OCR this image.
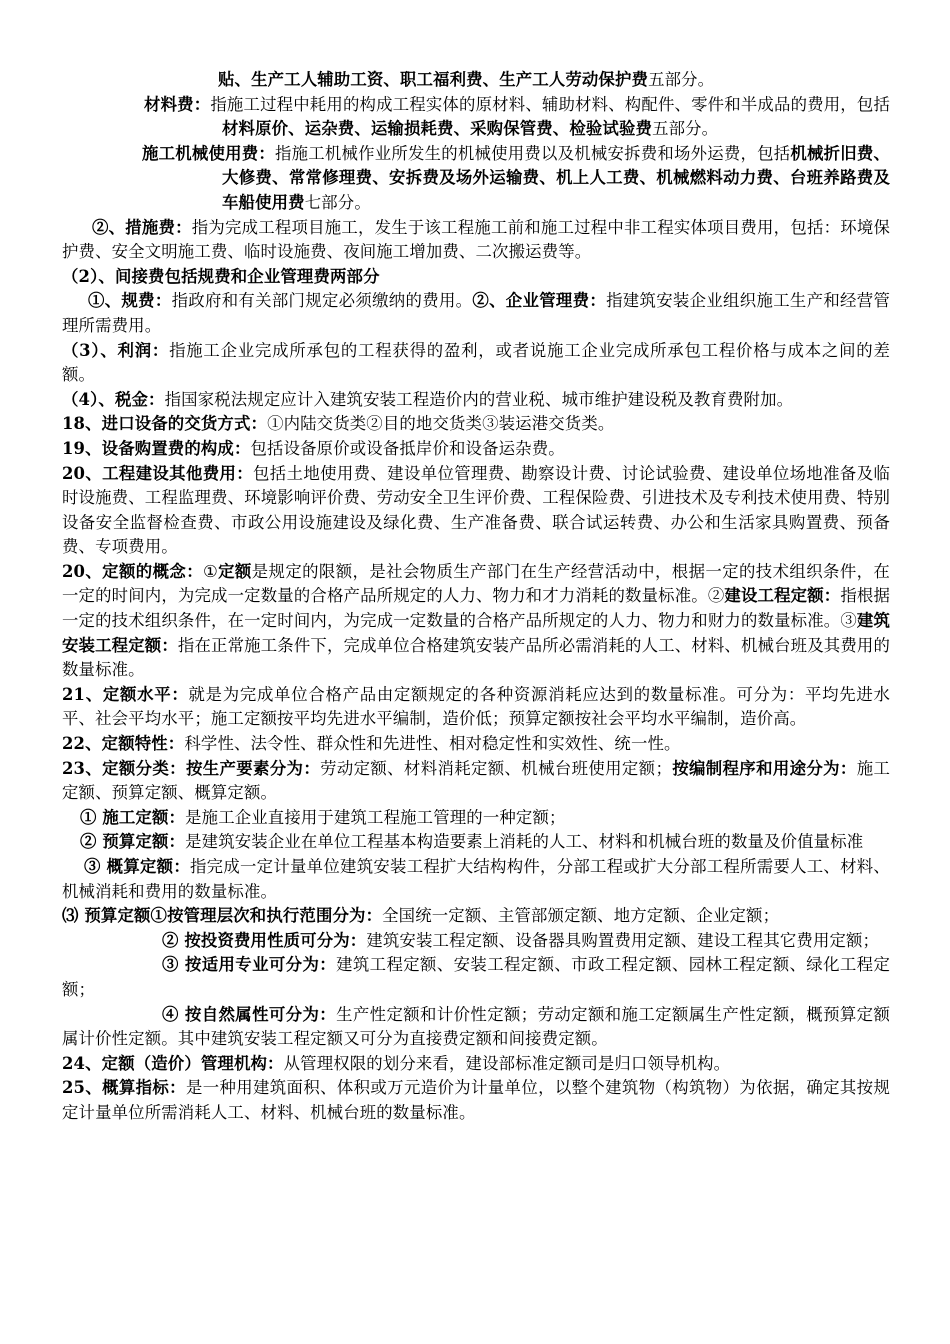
贴、生产工人辅助工资、职工福利费、生产工人劳动保护费五部分。

材料费：指施工过程中耗用的构成工程实体的原材料、辅助材料、构配件、零件和半成品的费用，包括材料原价、运杂费、运输损耗费、采购保管费、检验试验费五部分。

施工机械使用费：指施工机械作业所发生的机械使用费以及机械安拆费和场外运费，包括机械折旧费、大修费、常常修理费、安拆费及场外运输费、机上人工费、机械燃料动力费、台班养路费及车船使用费七部分。

②、措施费：指为完成工程项目施工，发生于该工程施工前和施工过程中非工程实体项目费用，包括：环境保护费、安全文明施工费、临时设施费、夜间施工增加费、二次搬运费等。

（2）、间接费包括规费和企业管理费两部分

①、规费：指政府和有关部门规定必须缴纳的费用。②、企业管理费：指建筑安装企业组织施工生产和经营管理所需费用。

（3）、利润：指施工企业完成所承包的工程获得的盈利，或者说施工企业完成所承包工程价格与成本之间的差额。

（4）、税金：指国家税法规定应计入建筑安装工程造价内的营业税、城市维护建设税及教育费附加。

18、进口设备的交货方式：①内陆交货类②目的地交货类③装运港交货类。

19、设备购置费的构成：包括设备原价或设备抵岸价和设备运杂费。

20、工程建设其他费用：包括土地使用费、建设单位管理费、勘察设计费、讨论试验费、建设单位场地准备及临时设施费、工程监理费、环境影响评价费、劳动安全卫生评价费、工程保险费、引进技术及专利技术使用费、特别设备安全监督检查费、市政公用设施建设及绿化费、生产准备费、联合试运转费、办公和生活家具购置费、预备费、专项费用。

20、定额的概念：①定额是规定的限额，是社会物质生产部门在生产经营活动中，根据一定的技术组织条件，在一定的时间内，为完成一定数量的合格产品所规定的人力、物力和才力消耗的数量标准。②建设工程定额：指根据一定的技术组织条件，在一定时间内，为完成一定数量的合格产品所规定的人力、物力和财力的数量标准。③建筑安装工程定额：指在正常施工条件下，完成单位合格建筑安装产品所必需消耗的人工、材料、机械台班及其费用的数量标准。

21、定额水平：就是为完成单位合格产品由定额规定的各种资源消耗应达到的数量标准。可分为：平均先进水平、社会平均水平；施工定额按平均先进水平编制，造价低；预算定额按社会平均水平编制，造价高。

22、定额特性：科学性、法令性、群众性和先进性、相对稳定性和实效性、统一性。

23、定额分类：按生产要素分为：劳动定额、材料消耗定额、机械台班使用定额；按编制程序和用途分为：施工定额、预算定额、概算定额。

① 施工定额：是施工企业直接用于建筑工程施工管理的一种定额；

② 预算定额：是建筑安装企业在单位工程基本构造要素上消耗的人工、材料和机械台班的数量及价值量标准

③ 概算定额：指完成一定计量单位建筑安装工程扩大结构构件，分部工程或扩大分部工程所需要人工、材料、机械消耗和费用的数量标准。

⑶ 预算定额①按管理层次和执行范围分为：全国统一定额、主管部颁定额、地方定额、企业定额；

② 按投资费用性质可分为：建筑安装工程定额、设备器具购置费用定额、建设工程其它费用定额；

③ 按适用专业可分为：建筑工程定额、安装工程定额、市政工程定额、园林工程定额、绿化工程定额；

④ 按自然属性可分为：生产性定额和计价性定额；劳动定额和施工定额属生产性定额，概预算定额属计价性定额。其中建筑安装工程定额又可分为直接费定额和间接费定额。

24、定额（造价）管理机构：从管理权限的划分来看，建设部标准定额司是归口领导机构。

25、概算指标：是一种用建筑面积、体积或万元造价为计量单位，以整个建筑物（构筑物）为依据，确定其按规定计量单位所需消耗人工、材料、机械台班的数量标准。
